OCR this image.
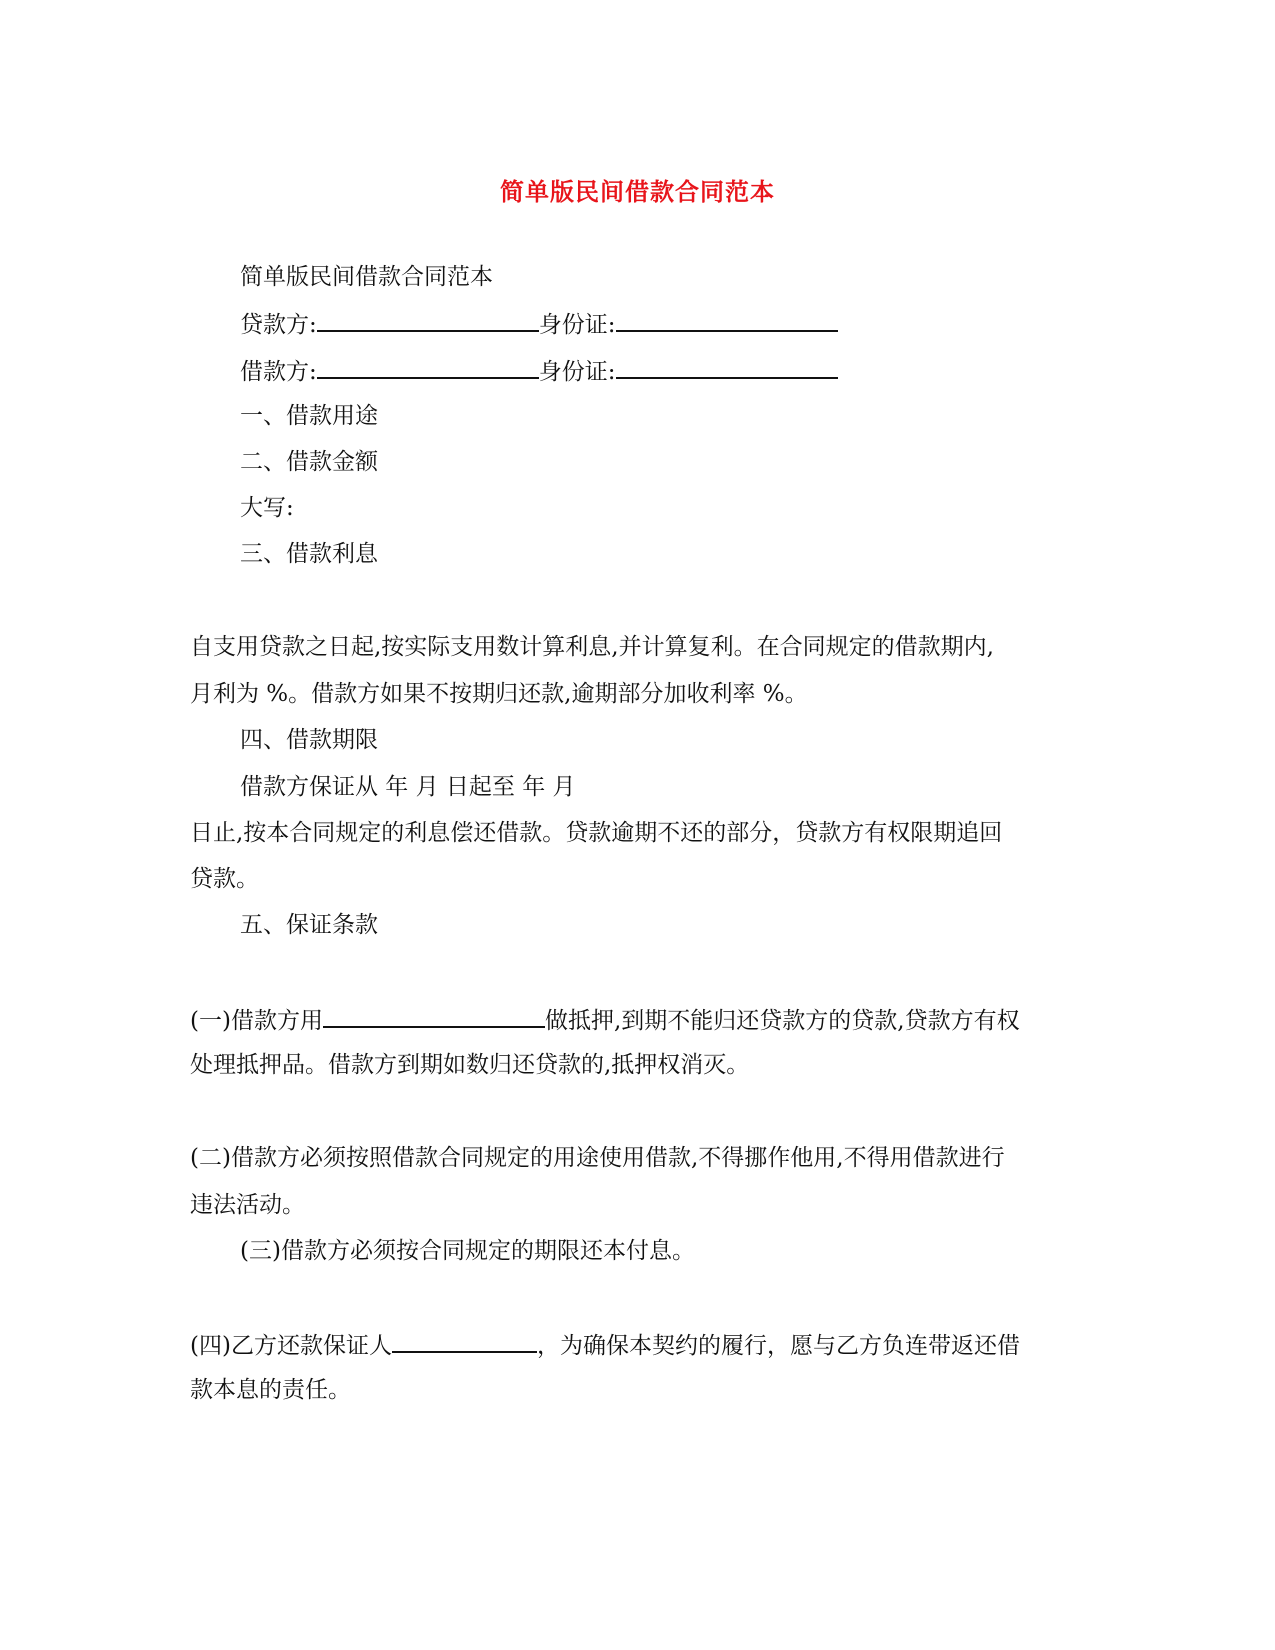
简单版民间借款合同范本
简单版民间借款合同范本
贷款方:	身份证:
借款方:	身份证:
一、借款用途
二、借款金额
大写:
三、借款利息
自支用贷款之日起,按实际支用数计算利息,并计算复利。在合同规定的借款期内,
月利为 %。借款方如果不按期归还款,逾期部分加收利率 %。
四、借款期限
借款方保证从 年 月 日起至 年 月
日止,按本合同规定的利息偿还借款。贷款逾期不还的部分，贷款方有权限期追回
贷款。
五、保证条款
(一)借款方用	做抵押,到期不能归还贷款方的贷款,贷款方有权
处理抵押品。借款方到期如数归还贷款的,抵押权消灭。
(二)借款方必须按照借款合同规定的用途使用借款,不得挪作他用,不得用借款进行
违法活动。
(三)借款方必须按合同规定的期限还本付息。
(四)乙方还款保证人	，为确保本契约的履行，愿与乙方负连带返还借
款本息的责任。
